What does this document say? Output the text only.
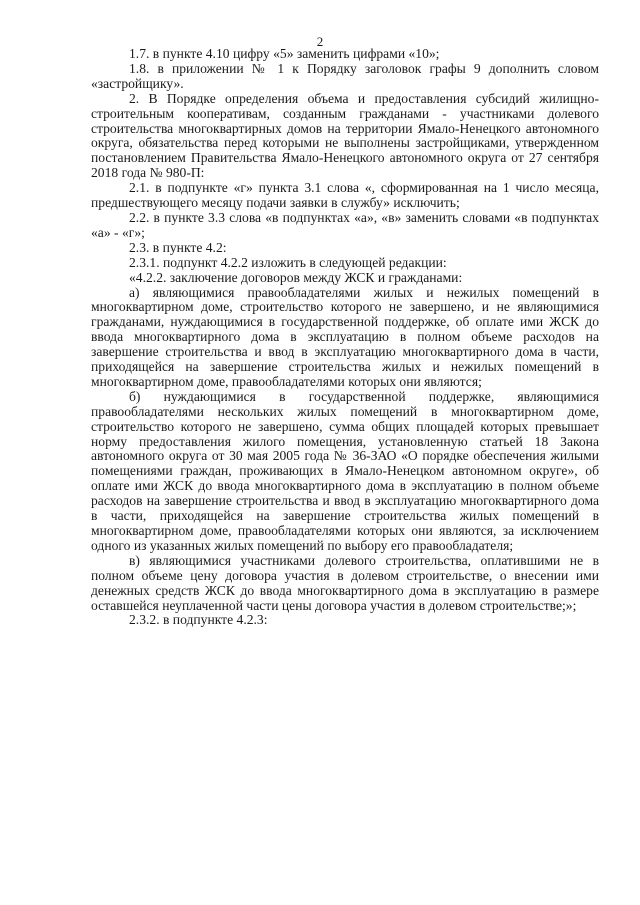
2

1.7. в пункте 4.10 цифру «5» заменить цифрами «10»;

1.8. в приложении № 1 к Порядку заголовок графы 9 дополнить словом «застройщику».

2. В Порядке определения объема и предоставления субсидий жилищно-строительным кооперативам, созданным гражданами - участниками долевого строительства многоквартирных домов на территории Ямало-Ненецкого автономного округа, обязательства перед которыми не выполнены застройщиками, утвержденном постановлением Правительства Ямало-Ненецкого автономного округа от 27 сентября 2018 года № 980-П:

2.1. в подпункте «г» пункта 3.1 слова «, сформированная на 1 число месяца, предшествующего месяцу подачи заявки в службу» исключить;

2.2. в пункте 3.3 слова «в подпунктах «а», «в» заменить словами «в подпунктах «а» - «г»;

2.3. в пункте 4.2:

2.3.1. подпункт 4.2.2 изложить в следующей редакции:

«4.2.2. заключение договоров между ЖСК и гражданами:

а) являющимися правообладателями жилых и нежилых помещений в многоквартирном доме, строительство которого не завершено, и не являющимися гражданами, нуждающимися в государственной поддержке, об оплате ими ЖСК до ввода многоквартирного дома в эксплуатацию в полном объеме расходов на завершение строительства и ввод в эксплуатацию многоквартирного дома в части, приходящейся на завершение строительства жилых и нежилых помещений в многоквартирном доме, правообладателями которых они являются;

б) нуждающимися в государственной поддержке, являющимися правообладателями нескольких жилых помещений в многоквартирном доме, строительство которого не завершено, сумма общих площадей которых превышает норму предоставления жилого помещения, установленную статьей 18 Закона автономного округа от 30 мая 2005 года № 36-ЗАО «О порядке обеспечения жилыми помещениями граждан, проживающих в Ямало-Ненецком автономном округе», об оплате ими ЖСК до ввода многоквартирного дома в эксплуатацию в полном объеме расходов на завершение строительства и ввод в эксплуатацию многоквартирного дома в части, приходящейся на завершение строительства жилых помещений в многоквартирном доме, правообладателями которых они являются, за исключением одного из указанных жилых помещений по выбору его правообладателя;

в) являющимися участниками долевого строительства, оплатившими не в полном объеме цену договора участия в долевом строительстве, о внесении ими денежных средств ЖСК до ввода многоквартирного дома в эксплуатацию в размере оставшейся неуплаченной части цены договора участия в долевом строительстве;»;

2.3.2. в подпункте 4.2.3:
